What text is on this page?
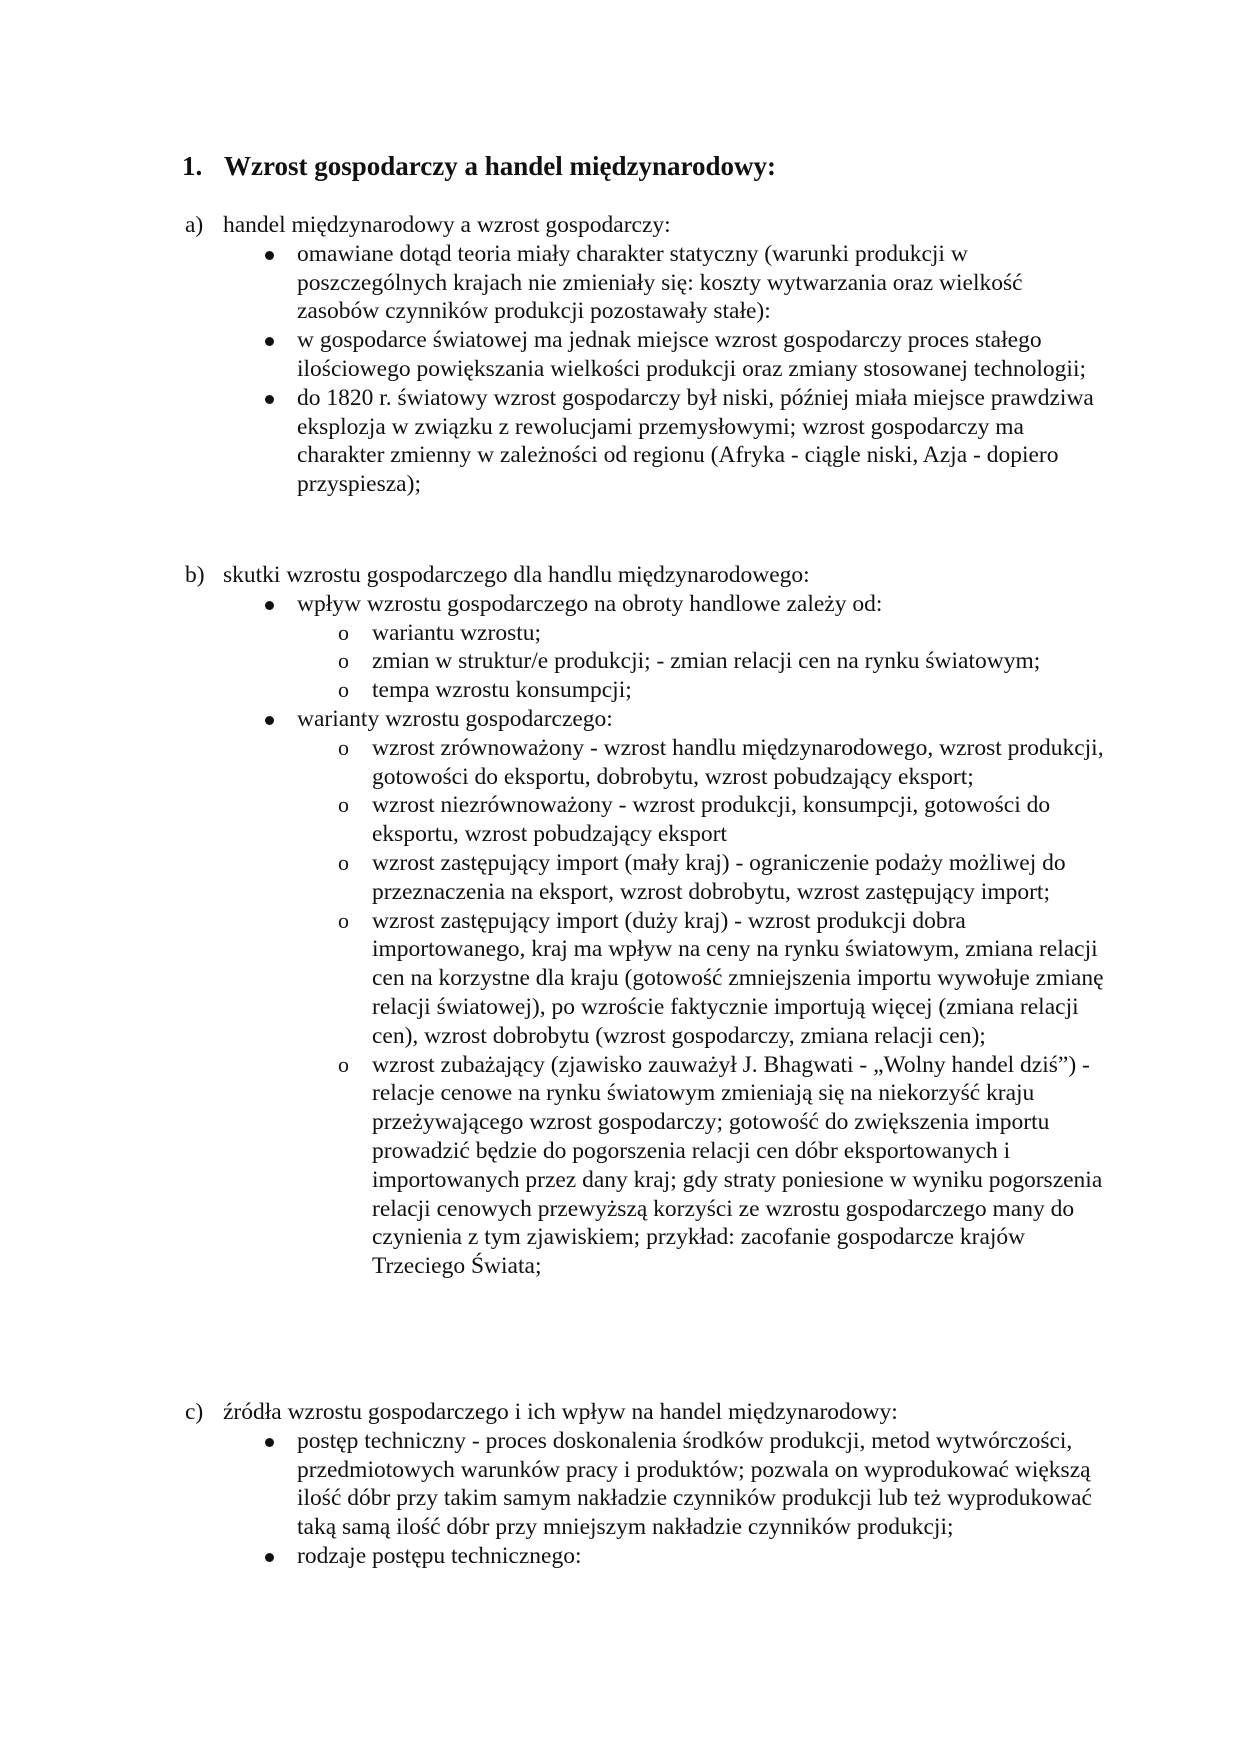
1. Wzrost gospodarczy a handel międzynarodowy:
a) handel międzynarodowy a wzrost gospodarczy:
omawiane dotąd teoria miały charakter statyczny (warunki produkcji w poszczególnych krajach nie zmieniały się: koszty wytwarzania oraz wielkość zasobów czynników produkcji pozostawały stałe):
w gospodarce światowej ma jednak miejsce wzrost gospodarczy proces stałego ilościowego powiększania wielkości produkcji oraz zmiany stosowanej technologii;
do 1820 r. światowy wzrost gospodarczy był niski, później miała miejsce prawdziwa eksplozja w związku z rewolucjami przemysłowymi; wzrost gospodarczy ma charakter zmienny w zależności od regionu (Afryka - ciągle niski, Azja - dopiero przyspiesza);
b) skutki wzrostu gospodarczego dla handlu międzynarodowego:
wpływ wzrostu gospodarczego na obroty handlowe zależy od:
o wariantu wzrostu;
o zmian w struktur/e produkcji; - zmian relacji cen na rynku światowym;
o tempa wzrostu konsumpcji;
warianty wzrostu gospodarczego:
o wzrost zrównoważony - wzrost handlu międzynarodowego, wzrost produkcji, gotowości do eksportu, dobrobytu, wzrost pobudzający eksport;
o wzrost niezrównoważony - wzrost produkcji, konsumpcji, gotowości do eksportu, wzrost pobudzający eksport
o wzrost zastępujący import (mały kraj) - ograniczenie podaży możliwej do przeznaczenia na eksport, wzrost dobrobytu, wzrost zastępujący import;
o wzrost zastępujący import (duży kraj) - wzrost produkcji dobra importowanego, kraj ma wpływ na ceny na rynku światowym, zmiana relacji cen na korzystne dla kraju (gotowość zmniejszenia importu wywołuje zmianę relacji światowej), po wzroście faktycznie importują więcej (zmiana relacji cen), wzrost dobrobytu (wzrost gospodarczy, zmiana relacji cen);
o wzrost zubażający (zjawisko zauważył J. Bhagwati - „Wolny handel dziś”) - relacje cenowe na rynku światowym zmieniają się na niekorzyść kraju przeżywającego wzrost gospodarczy; gotowość do zwiększenia importu prowadzić będzie do pogorszenia relacji cen dóbr eksportowanych i importowanych przez dany kraj; gdy straty poniesione w wyniku pogorszenia relacji cenowych przewyższą korzyści ze wzrostu gospodarczego many do czynienia z tym zjawiskiem; przykład: zacofanie gospodarcze krajów Trzeciego Świata;
c) źródła wzrostu gospodarczego i ich wpływ na handel międzynarodowy:
postęp techniczny - proces doskonalenia środków produkcji, metod wytwórczości, przedmiotowych warunków pracy i produktów; pozwala on wyprodukować większą ilość dóbr przy takim samym nakładzie czynników produkcji lub też wyprodukować taką samą ilość dóbr przy mniejszym nakładzie czynników produkcji;
rodzaje postępu technicznego:
